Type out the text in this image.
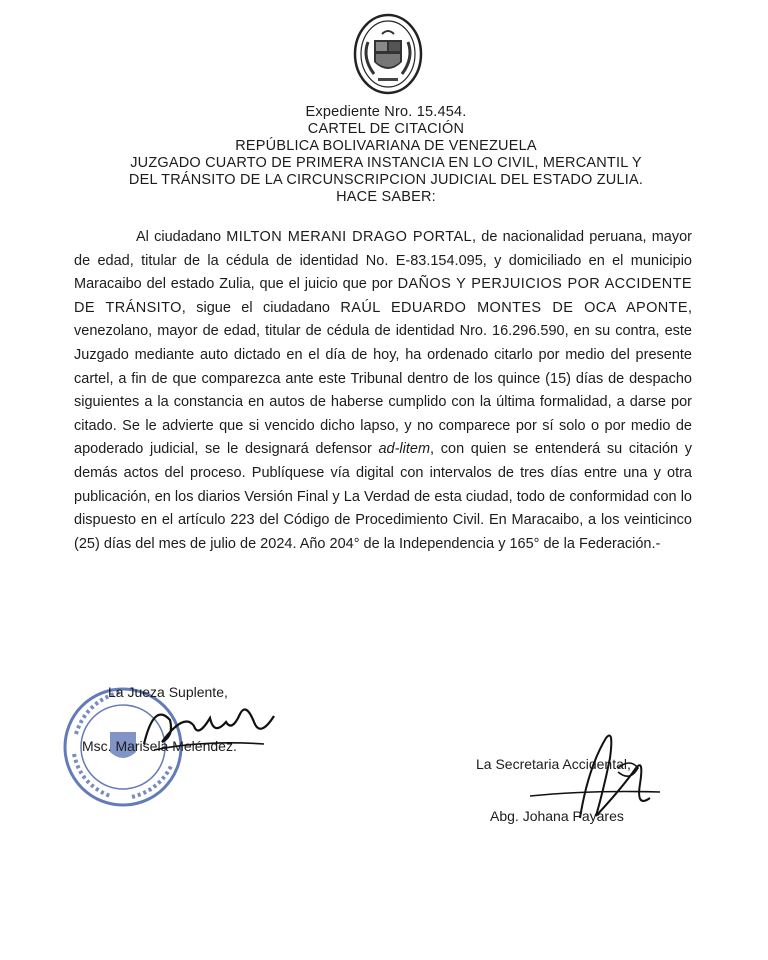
Expediente Nro. 15.454.
CARTEL DE CITACIÓN
REPÚBLICA BOLIVARIANA DE VENEZUELA
JUZGADO CUARTO DE PRIMERA INSTANCIA EN LO CIVIL, MERCANTIL Y
DEL TRÁNSITO DE LA CIRCUNSCRIPCION JUDICIAL DEL ESTADO ZULIA.
HACE SABER:

Al ciudadano MILTON MERANI DRAGO PORTAL, de nacionalidad peruana, mayor de edad, titular de la cédula de identidad No. E-83.154.095, y domiciliado en el municipio Maracaibo del estado Zulia, que el juicio que por DAÑOS Y PERJUICIOS POR ACCIDENTE DE TRÁNSITO, sigue el ciudadano RAÚL EDUARDO MONTES DE OCA APONTE, venezolano, mayor de edad, titular de cédula de identidad Nro. 16.296.590, en su contra, este Juzgado mediante auto dictado en el día de hoy, ha ordenado citarlo por medio del presente cartel, a fin de que comparezca ante este Tribunal dentro de los quince (15) días de despacho siguientes a la constancia en autos de haberse cumplido con la última formalidad, a darse por citado. Se le advierte que si vencido dicho lapso, y no comparece por sí solo o por medio de apoderado judicial, se le designará defensor ad-litem, con quien se entenderá su citación y demás actos del proceso. Publíquese vía digital con intervalos de tres días entre una y otra publicación, en los diarios Versión Final y La Verdad de esta ciudad, todo de conformidad con lo dispuesto en el artículo 223 del Código de Procedimiento Civil. En Maracaibo, a los veinticinco (25) días del mes de julio de 2024. Año 204° de la Independencia y 165° de la Federación.-

La Jueza Suplente,
Msc. Marisela Meléndez.
La Secretaria Accidental,
Abg. Johana Payares
